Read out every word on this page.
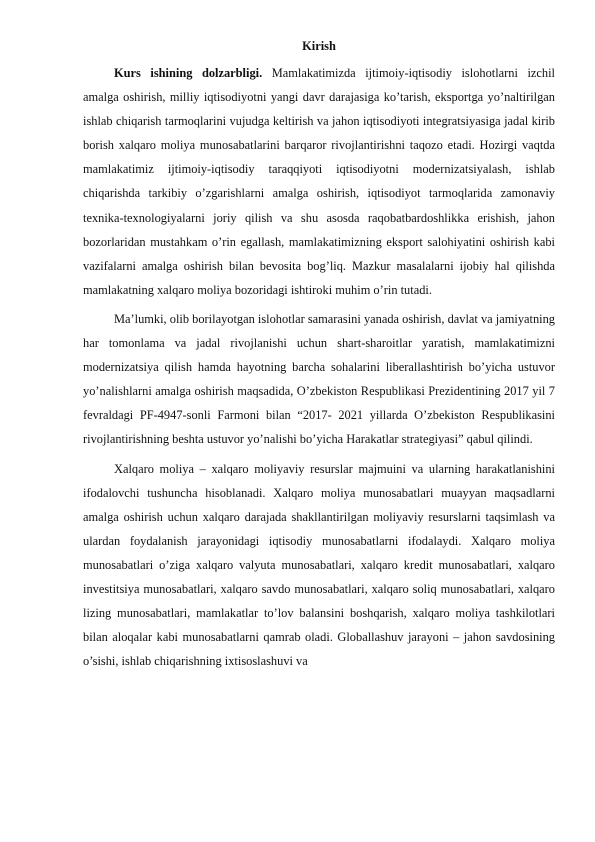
Kirish

Kurs ishining dolzarbligi. Mamlakatimizda ijtimoiy-iqtisodiy islohotlarni izchil amalga oshirish, milliy iqtisodiyotni yangi davr darajasiga ko’tarish, eksportga yo’naltirilgan ishlab chiqarish tarmoqlarini vujudga keltirish va jahon iqtisodiyoti integratsiyasiga jadal kirib borish xalqaro moliya munosabatlarini barqaror rivojlantirishni taqozo etadi. Hozirgi vaqtda mamlakatimiz ijtimoiy-iqtisodiy taraqqiyoti iqtisodiyotni modernizatsiyalash, ishlab chiqarishda tarkibiy o’zgarishlarni amalga oshirish, iqtisodiyot tarmoqlarida zamonaviy texnika-texnologiyalarni joriy qilish va shu asosda raqobatbardoshlikka erishish, jahon bozorlaridan mustahkam o’rin egallash, mamlakatimizning eksport salohiyatini oshirish kabi vazifalarni amalga oshirish bilan bevosita bog’liq. Mazkur masalalarni ijobiy hal qilishda mamlakatning xalqaro moliya bozoridagi ishtiroki muhim o’rin tutadi.

Ma’lumki, olib borilayotgan islohotlar samarasini yanada oshirish, davlat va jamiyatning har tomonlama va jadal rivojlanishi uchun shart-sharoitlar yaratish, mamlakatimizni modernizatsiya qilish hamda hayotning barcha sohalarini liberallashtirish bo’yicha ustuvor yo’nalishlarni amalga oshirish maqsadida, O’zbekiston Respublikasi Prezidentining 2017 yil 7 fevraldagi PF-4947-sonli Farmoni bilan “2017- 2021 yillarda O’zbekiston Respublikasini rivojlantirishning beshta ustuvor yo’nalishi bo’yicha Harakatlar strategiyasi” qabul qilindi.

Xalqaro moliya – xalqaro moliyaviy resurslar majmuini va ularning harakatlanishini ifodalovchi tushuncha hisoblanadi. Xalqaro moliya munosabatlari muayyan maqsadlarni amalga oshirish uchun xalqaro darajada shakllantirilgan moliyaviy resurslarni taqsimlash va ulardan foydalanish jarayonidagi iqtisodiy munosabatlarni ifodalaydi. Xalqaro moliya munosabatlari o’ziga xalqaro valyuta munosabatlari, xalqaro kredit munosabatlari, xalqaro investitsiya munosabatlari, xalqaro savdo munosabatlari, xalqaro soliq munosabatlari, xalqaro lizing munosabatlari, mamlakatlar to’lov balansini boshqarish, xalqaro moliya tashkilotlari bilan aloqalar kabi munosabatlarni qamrab oladi. Globallashuv jarayoni – jahon savdosining o’sishi, ishlab chiqarishning ixtisoslashuvi va
